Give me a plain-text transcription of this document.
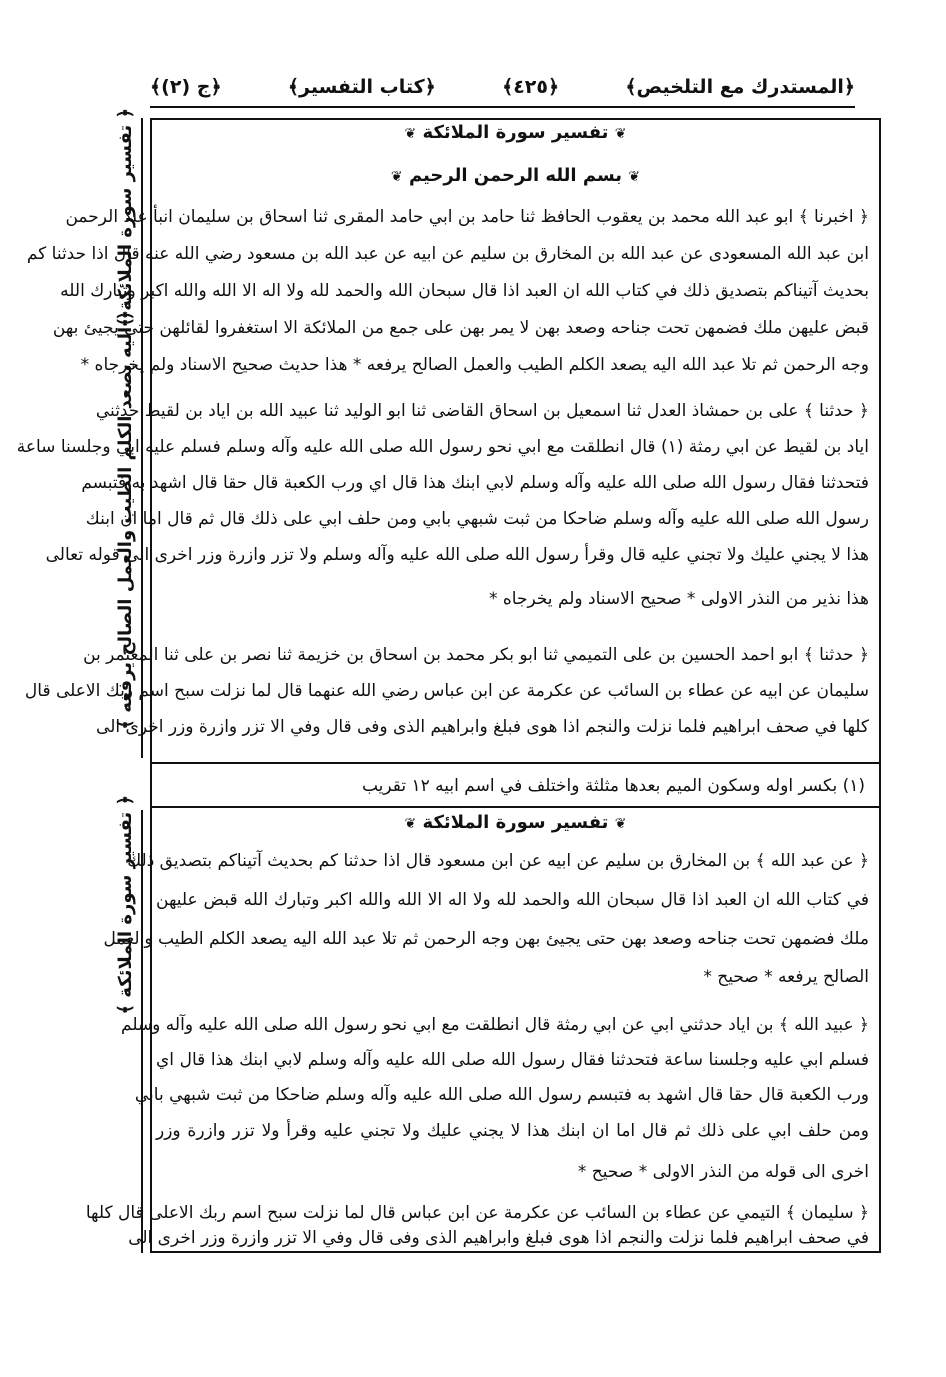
﴿المستدرك مع التلخيص﴾
﴿٤٢٥﴾
﴿كتاب التفسير﴾
﴿ج (٢)﴾
﴿ تفسير سورة الملائكة ﴾
﴿ اليه يصعد الكلم الطيب والعمل الصالح يرفعه ﴾
﴿ تفسير سورة الملائكة ﴾
❦ تفسير سورة الملائكة ❦
❦ بسم الله الرحمن الرحيم ❦
﴿ اخبرنا ﴾ ابو عبد الله محمد بن يعقوب الحافظ ثنا حامد بن ابي حامد المقرى ثنا اسحاق بن سليمان انبأ عبد الرحمن
ابن عبد الله المسعودى عن عبد الله بن المخارق بن سليم عن ابيه عن عبد الله بن مسعود رضي الله عنه قال اذا حدثنا كم
بحديث آتيناكم بتصديق ذلك في كتاب الله ان العبد اذا قال سبحان الله والحمد لله ولا اله الا الله والله اكبر وتبارك الله
قبض عليهن ملك فضمهن تحت جناحه وصعد بهن لا يمر بهن على جمع من الملائكة الا استغفروا لقائلهن حتى يجيئ بهن
وجه الرحمن ثم تلا عبد الله اليه يصعد الكلم الطيب والعمل الصالح يرفعه * هذا حديث صحيح الاسناد ولم يخرجاه *
﴿ حدثنا ﴾ على بن حمشاذ العدل ثنا اسمعيل بن اسحاق القاضى ثنا ابو الوليد ثنا عبيد الله بن اياد بن لقيط حدثني
اياد بن لقيط عن ابي رمثة (١) قال انطلقت مع ابي نحو رسول الله صلى الله عليه وآله وسلم فسلم عليه ابي وجلسنا ساعة
فتحدثنا فقال رسول الله صلى الله عليه وآله وسلم لابي ابنك هذا قال اي ورب الكعبة قال حقا قال اشهد به فتبسم
رسول الله صلى الله عليه وآله وسلم ضاحكا من ثبت شبهي بابي ومن حلف ابي على ذلك قال ثم قال اما ان ابنك
هذا لا يجني عليك ولا تجني عليه قال وقرأ رسول الله صلى الله عليه وآله وسلم ولا تزر وازرة وزر اخرى الى قوله تعالى
هذا نذير من النذر الاولى * صحيح الاسناد ولم يخرجاه *
﴿ حدثنا ﴾ ابو احمد الحسين بن على التميمي ثنا ابو بكر محمد بن اسحاق بن خزيمة ثنا نصر بن على ثنا المعتمر بن
سليمان عن ابيه عن عطاء بن السائب عن عكرمة عن ابن عباس رضي الله عنهما قال لما نزلت سبح اسم ربك الاعلى قال
كلها في صحف ابراهيم فلما نزلت والنجم اذا هوى فبلغ وابراهيم الذى وفى قال وفي الا تزر وازرة وزر اخرى الى
(١) بكسر اوله وسكون الميم بعدها مثلثة واختلف في اسم ابيه ١٢ تقريب
❦ تفسير سورة الملائكة ❦
﴿ عن عبد الله ﴾ بن المخارق بن سليم عن ابيه عن ابن مسعود قال اذا حدثنا كم بحديث آتيناكم بتصديق ذلك
في كتاب الله ان العبد اذا قال سبحان الله والحمد لله ولا اله الا الله والله اكبر وتبارك الله قبض عليهن
ملك فضمهن تحت جناحه وصعد بهن حتى يجيئ بهن وجه الرحمن ثم تلا عبد الله اليه يصعد الكلم الطيب والعمل
الصالح يرفعه * صحيح *
﴿ عبيد الله ﴾ بن اياد حدثني ابي عن ابي رمثة قال انطلقت مع ابي نحو رسول الله صلى الله عليه وآله وسلم
فسلم ابي عليه وجلسنا ساعة فتحدثنا فقال رسول الله صلى الله عليه وآله وسلم لابي ابنك هذا قال اي
ورب الكعبة قال حقا قال اشهد به فتبسم رسول الله صلى الله عليه وآله وسلم ضاحكا من ثبت شبهي بابي
ومن حلف ابي على ذلك ثم قال اما ان ابنك هذا لا يجني عليك ولا تجني عليه وقرأ ولا تزر وازرة وزر
اخرى الى قوله من النذر الاولى * صحيح *
﴿ سليمان ﴾ التيمي عن عطاء بن السائب عن عكرمة عن ابن عباس قال لما نزلت سبح اسم ربك الاعلى قال كلها
في صحف ابراهيم فلما نزلت والنجم اذا هوى فبلغ وابراهيم الذى وفى قال وفي الا تزر وازرة وزر اخرى الى
